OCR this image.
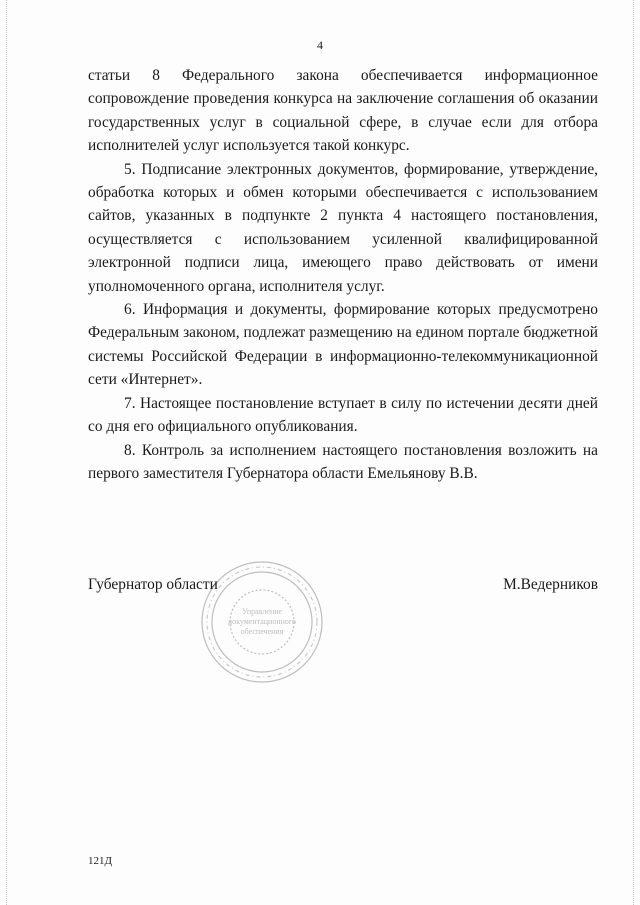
4

статьи 8 Федерального закона обеспечивается информационное сопровождение проведения конкурса на заключение соглашения об оказании государственных услуг в социальной сфере, в случае если для отбора исполнителей услуг используется такой конкурс.

5. Подписание электронных документов, формирование, утверждение, обработка которых и обмен которыми обеспечивается с использованием сайтов, указанных в подпункте 2 пункта 4 настоящего постановления, осуществляется с использованием усиленной квалифицированной электронной подписи лица, имеющего право действовать от имени уполномоченного органа, исполнителя услуг.

6. Информация и документы, формирование которых предусмотрено Федеральным законом, подлежат размещению на едином портале бюджетной системы Российской Федерации в информационно-телекоммуникационной сети «Интернет».

7. Настоящее постановление вступает в силу по истечении десяти дней со дня его официального опубликования.

8. Контроль за исполнением настоящего постановления возложить на первого заместителя Губернатора области Емельянову В.В.

Управление
документационного
обеспечения
Губернатор области	М.Ведерников
121Д
